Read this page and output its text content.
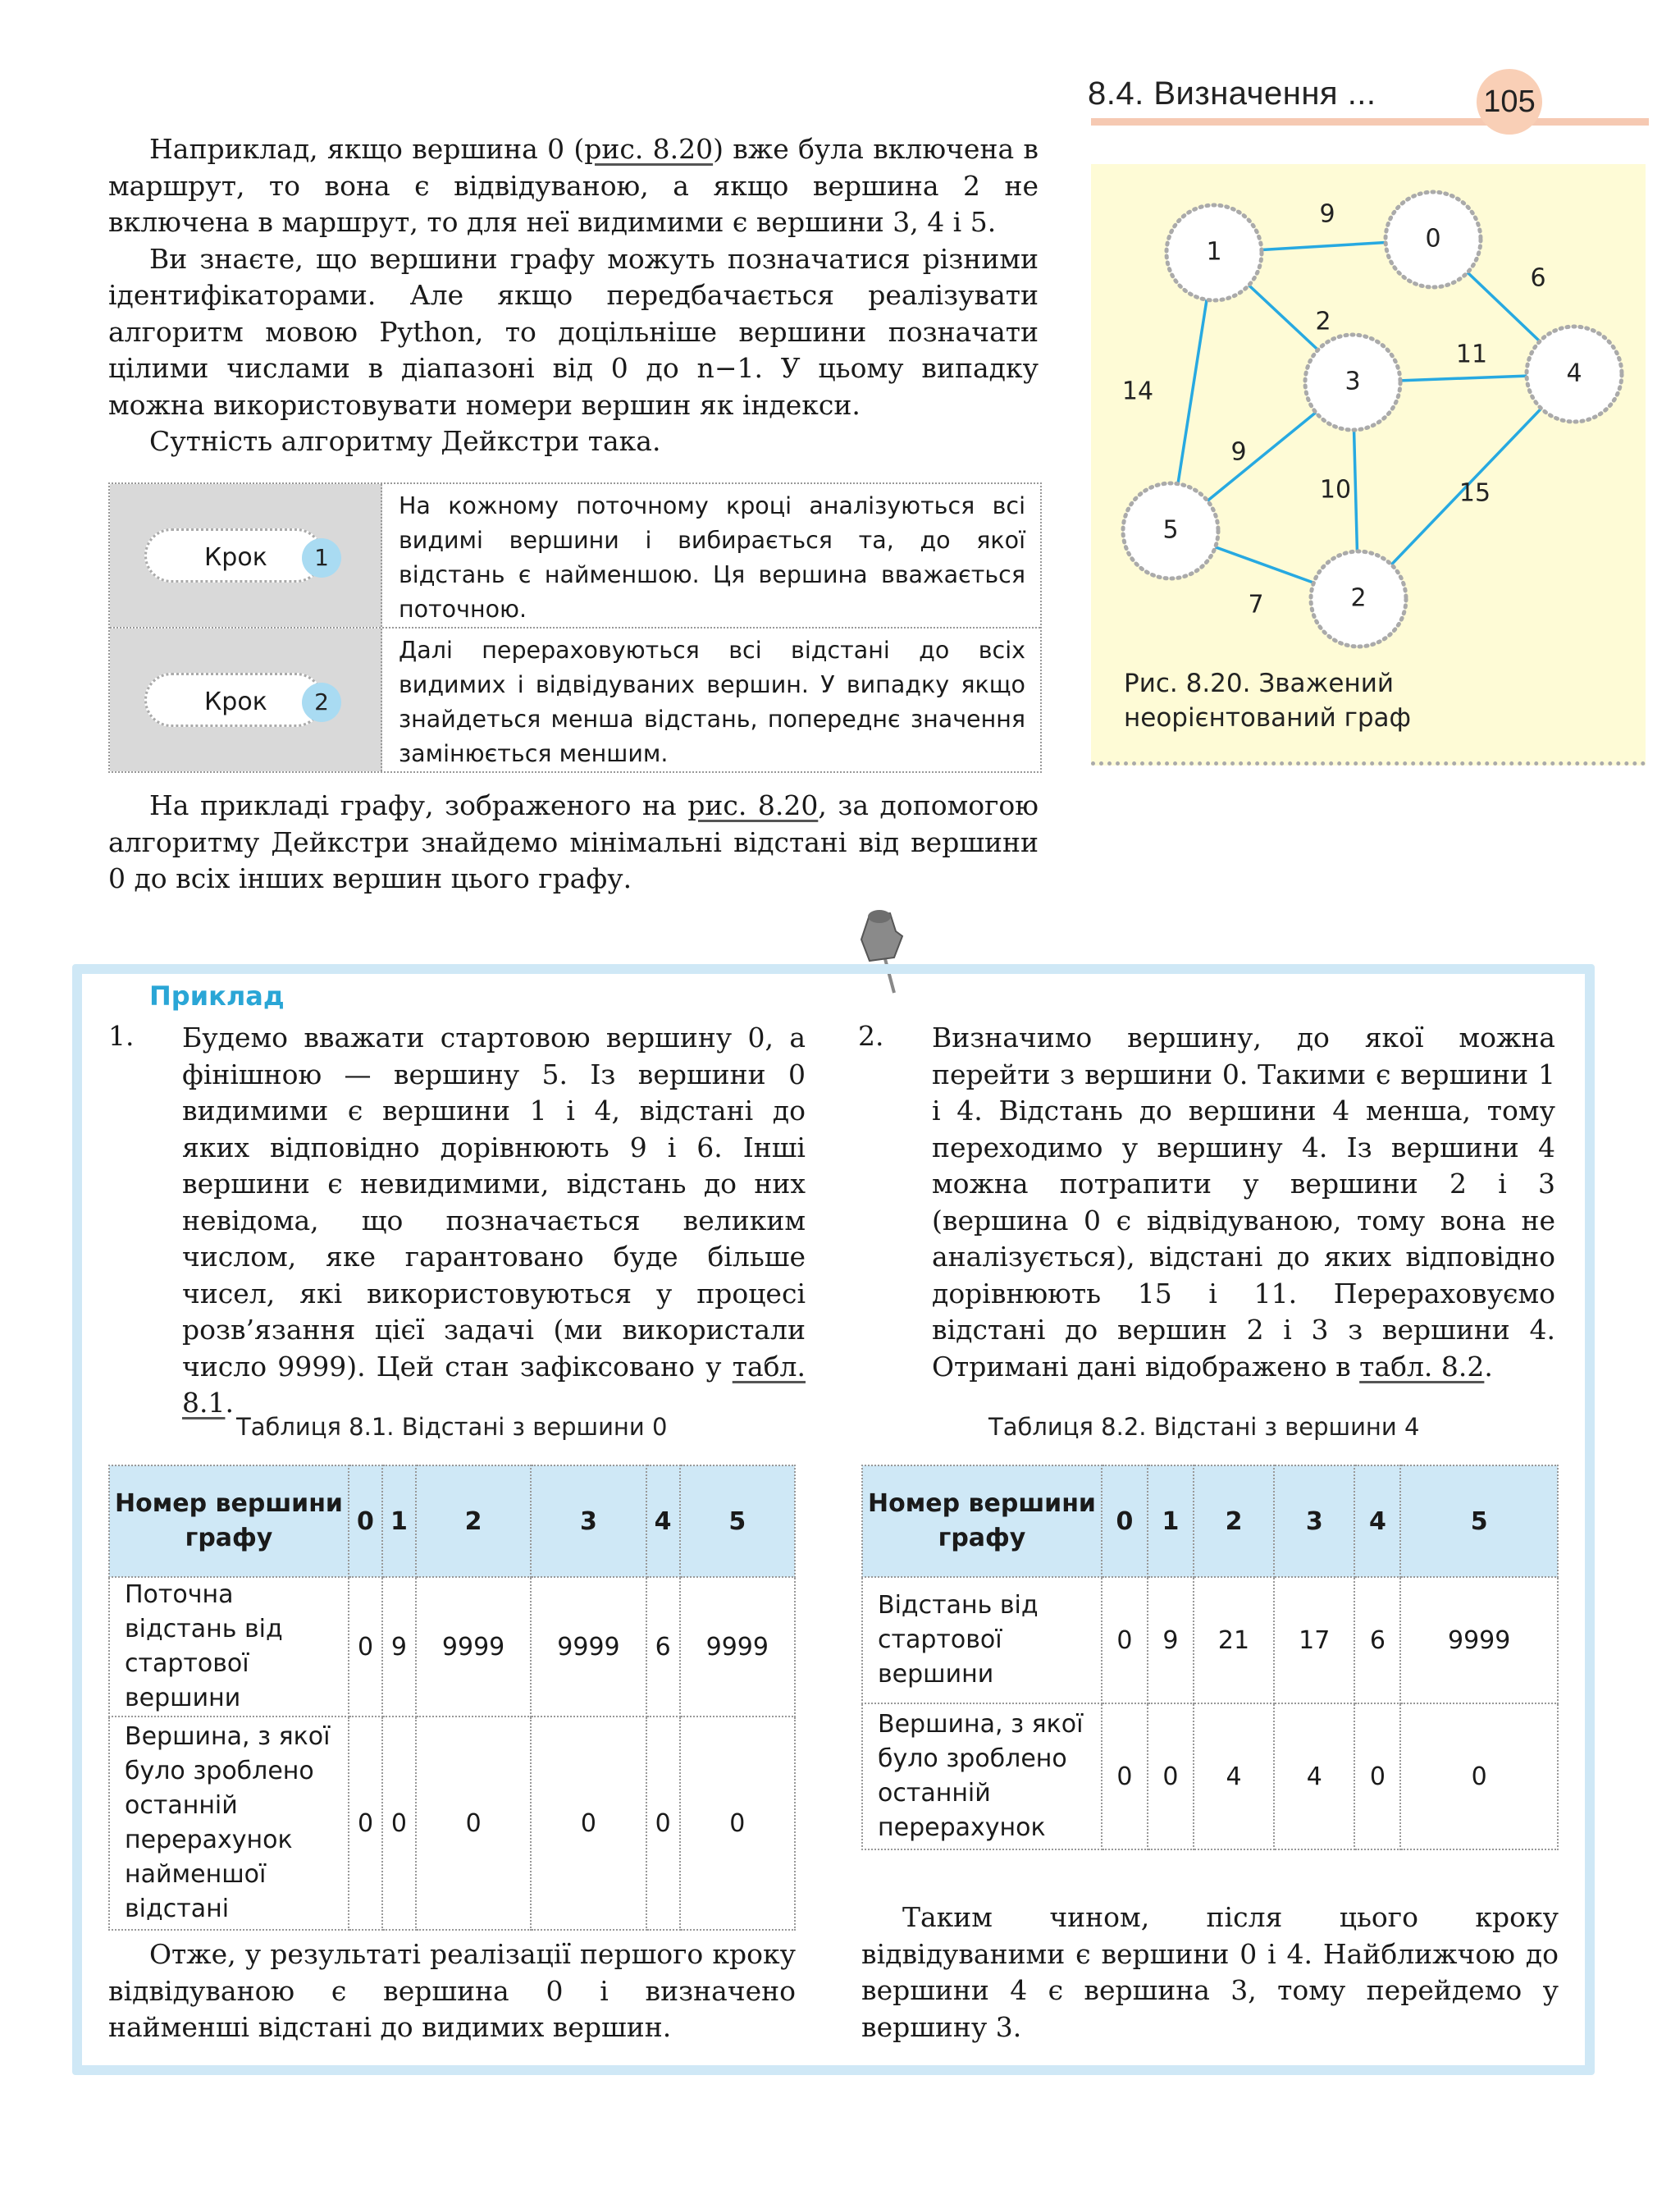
8.4. Визначення ...	105

Наприклад, якщо вершина 0 (рис. 8.20) вже була включена в маршрут, то вона є відвідуваною, а якщо вершина 2 не включена в маршрут, то для неї видимими є вершини 3, 4 і 5.

Ви знаєте, що вершини графу можуть позначатися різними ідентифікаторами. Але якщо передбачається реалізувати алгоритм мовою Python, то доцільніше вершини позначати цілими числами в діапазоні від 0 до n−1. У цьому випадку можна використовувати номери вершин як індекси.

Сутність алгоритму Дейкстри така.

Крок	1
На кожному поточному кроці аналізуються всі видимі вершини і вибирається та, до якої відстань є найменшою. Ця вершина вважається поточною.
Крок	2
Далі перераховуються всі відстані до всіх видимих і відвідуваних вершин. У випадку якщо знайдеться менша відстань, попереднє значення замінюється меншим.

На прикладі графу, зображеного на рис. 8.20, за допомогою алгоритму Дейкстри знайдемо мінімальні відстані від вершини 0 до всіх інших вершин цього графу.

9
6
2
11
14
9
10	15
7
0
1
2
3	4
5
Рис. 8.20. Зважений
неорієнтований граф
Приклад
1. Будемо вважати стартовою вершину 0, а фінішною — вершину 5. Із вершини 0 видимими є вершини 1 і 4, відстані до яких відповідно дорівнюють 9 і 6. Інші вершини є невидимими, відстань до них невідома, що позначається великим числом, яке гарантовано буде більше чисел, які використовуються у процесі розв’язання цієї задачі (ми використали число 9999). Цей стан зафіксовано у табл. 8.1.

2. Визначимо вершину, до якої можна перейти з вершини 0. Такими є вершини 1 і 4. Відстань до вершини 4 менша, тому переходимо у вершину 4. Із вершини 4 можна потрапити у вершини 2 і 3 (вершина 0 є відвідуваною, тому вона не аналізується), відстані до яких відповідно дорівнюють 15 і 11. Перераховуємо відстані до вершин 2 і 3 з вершини 4. Отримані дані відображено в табл. 8.2.

Таблиця 8.1. Відстані з вершини 0
Номер вершини графу	0	1	2	3	4	5
Поточна відстань від стартової вершини	0	9	9999	9999	6	9999
Вершина, з якої було зроблено останній перерахунок найменшої відстані	0	0	0	0	0	0
Таблиця 8.2. Відстані з вершини 4
Номер вершини графу	0	1	2	3	4	5
Відстань від стартової вершини	0	9	21	17	6	9999
Вершина, з якої було зроблено останній перерахунок	0	0	4	4	0	0

Отже, у результаті реалізації першого кроку відвідуваною є вершина 0 і визначено найменші відстані до видимих вершин.

Таким чином, після цього кроку відвідуваними є вершини 0 і 4. Найближчою до вершини 4 є вершина 3, тому перейдемо у вершину 3.
